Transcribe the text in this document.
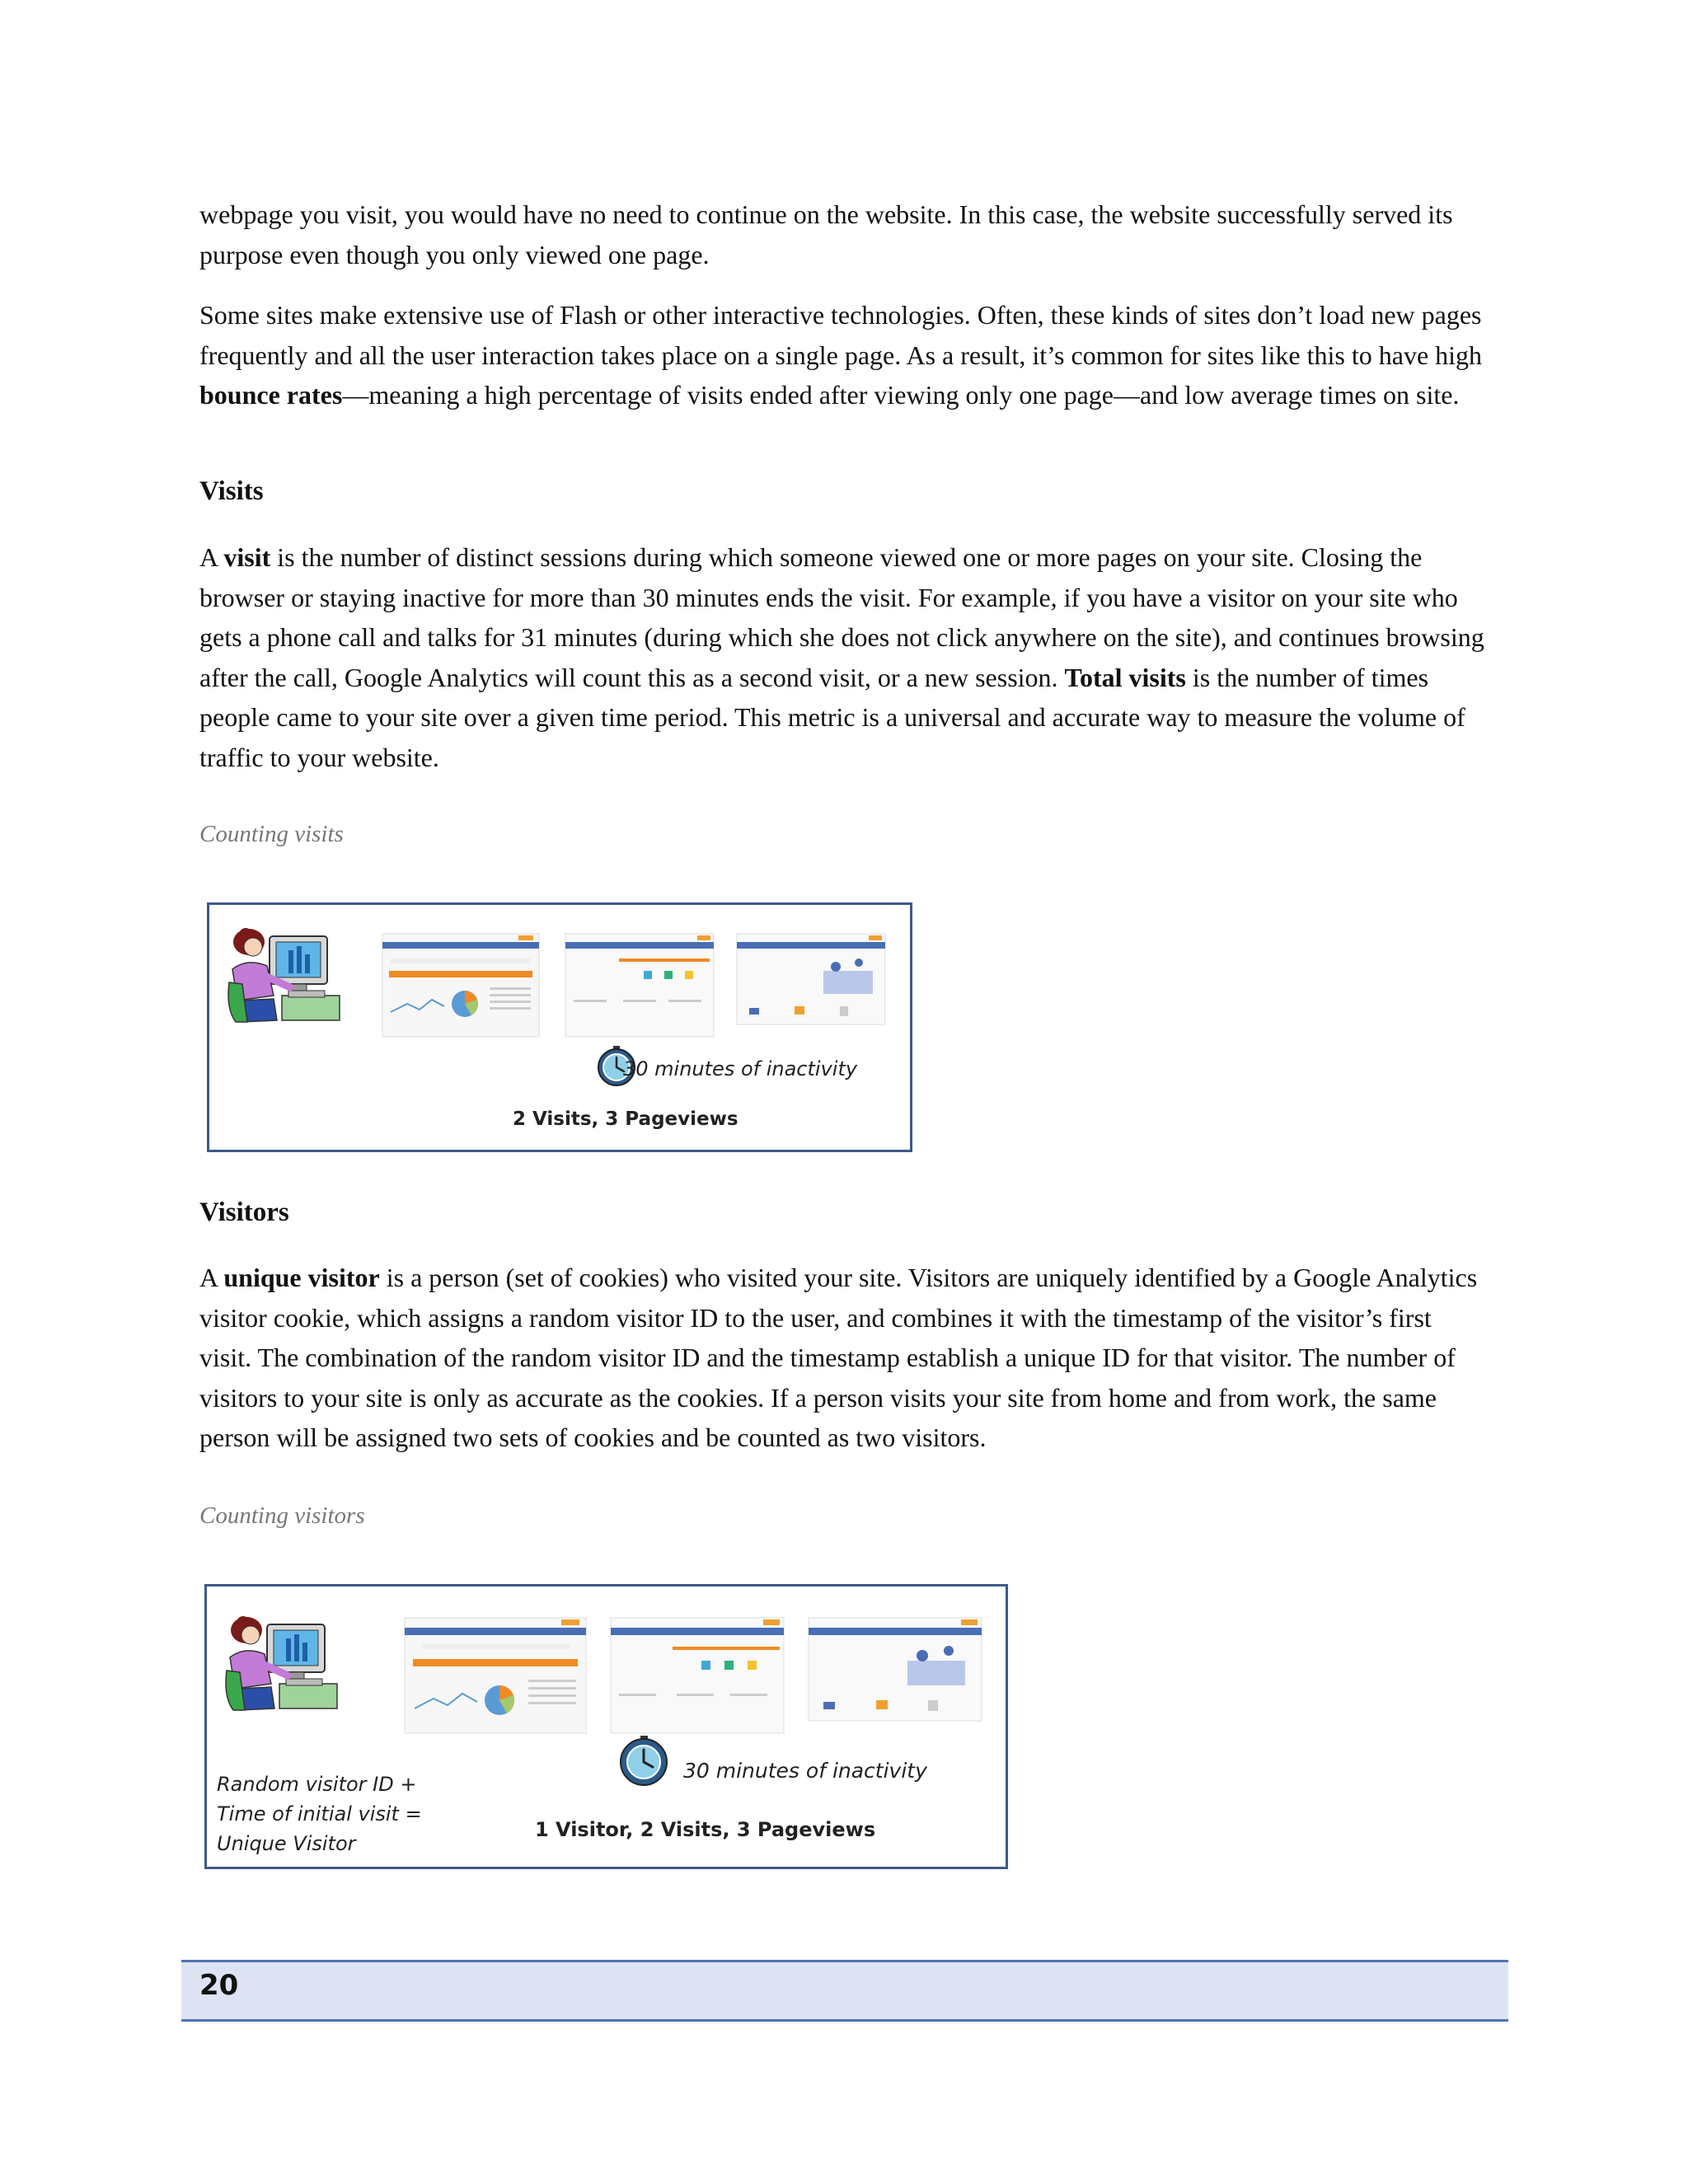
webpage you visit, you would have no need to continue on the website. In this case, the website successfully served its purpose even though you only viewed one page.

Some sites make extensive use of Flash or other interactive technologies. Often, these kinds of sites don’t load new pages frequently and all the user interaction takes place on a single page. As a result, it’s common for sites like this to have high bounce rates—meaning a high percentage of visits ended after viewing only one page—and low average times on site.

Visits

A visit is the number of distinct sessions during which someone viewed one or more pages on your site. Closing the browser or staying inactive for more than 30 minutes ends the visit. For example, if you have a visitor on your site who gets a phone call and talks for 31 minutes (during which she does not click anywhere on the site), and continues browsing after the call, Google Analytics will count this as a second visit, or a new session. Total visits is the number of times people came to your site over a given time period. This metric is a universal and accurate way to measure the volume of traffic to your website.

Counting visits

30 minutes of inactivity

2 Visits, 3 Pageviews

Visitors

A unique visitor is a person (set of cookies) who visited your site. Visitors are uniquely identified by a Google Analytics visitor cookie, which assigns a random visitor ID to the user, and combines it with the timestamp of the visitor’s first visit. The combination of the random visitor ID and the timestamp establish a unique ID for that visitor. The number of visitors to your site is only as accurate as the cookies. If a person visits your site from home and from work, the same person will be assigned two sets of cookies and be counted as two visitors.

Counting visitors

Random visitor ID +

Time of initial visit =

Unique Visitor

30 minutes of inactivity

1 Visitor, 2 Visits, 3 Pageviews

20
